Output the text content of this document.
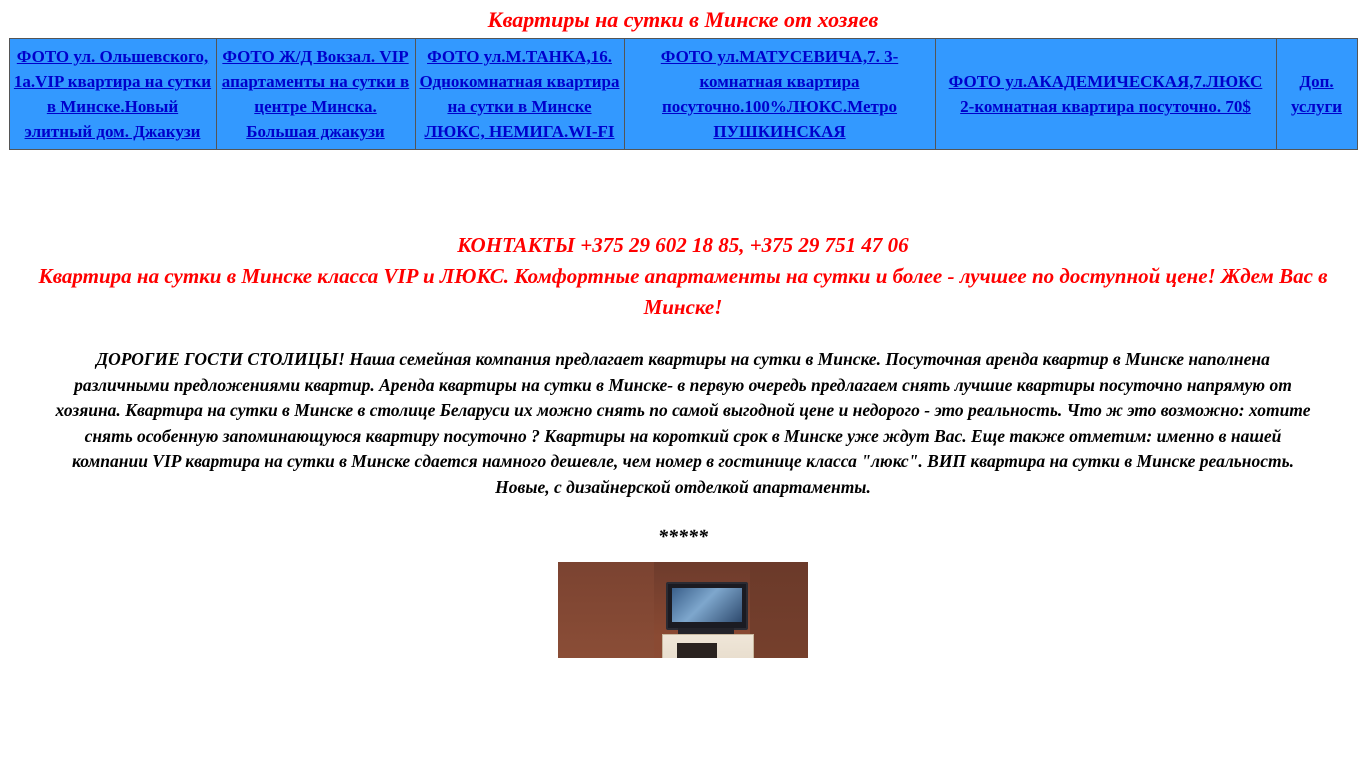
Квартиры на сутки в Минске от хозяев
ФОТО ул. Ольшевского, 1а.VIP квартира на сутки в Минске.Новый элитный дом. Джакузи	ФОТО Ж/Д Вокзал. VIP апартаменты на сутки в центре Минска. Большая джакузи	ФОТО ул.М.ТАНКА,16. Однокомнатная квартира на сутки в Минске ЛЮКС, НЕМИГА.WI-FI	ФОТО ул.МАТУСЕВИЧА,7. 3-комнатная квартира посуточно.100%ЛЮКС.Метро ПУШКИНСКАЯ	ФОТО ул.АКАДЕМИЧЕСКАЯ,7.ЛЮКС 2-комнатная квартира посуточно. 70$	Доп. услуги
КОНТАКТЫ +375 29 602 18 85, +375 29 751 47 06
Квартира на сутки в Минске класса VIP и ЛЮКС. Комфортные апартаменты на сутки и более - лучшее по доступной цене! Ждем Вас в Минске!
ДОРОГИЕ ГОСТИ СТОЛИЦЫ! Наша семейная компания предлагает квартиры на сутки в Минске. Посуточная аренда квартир в Минске наполнена различными предложениями квартир. Аренда квартиры на сутки в Минске- в первую очередь предлагаем снять лучшие квартиры посуточно напрямую от хозяина. Квартира на сутки в Минске в столице Беларуси их можно снять по самой выгодной цене и недорого - это реальность. Что ж это возможно: хотите снять особенную запоминающуюся квартиру посуточно ? Квартиры на короткий срок в Минске уже ждут Вас. Еще также отметим: именно в нашей компании VIP квартира на сутки в Минске сдается намного дешевле, чем номер в гостинице класса "люкс". ВИП квартира на сутки в Минске реальность. Новые, с дизайнерской отделкой апартаменты.
*****
